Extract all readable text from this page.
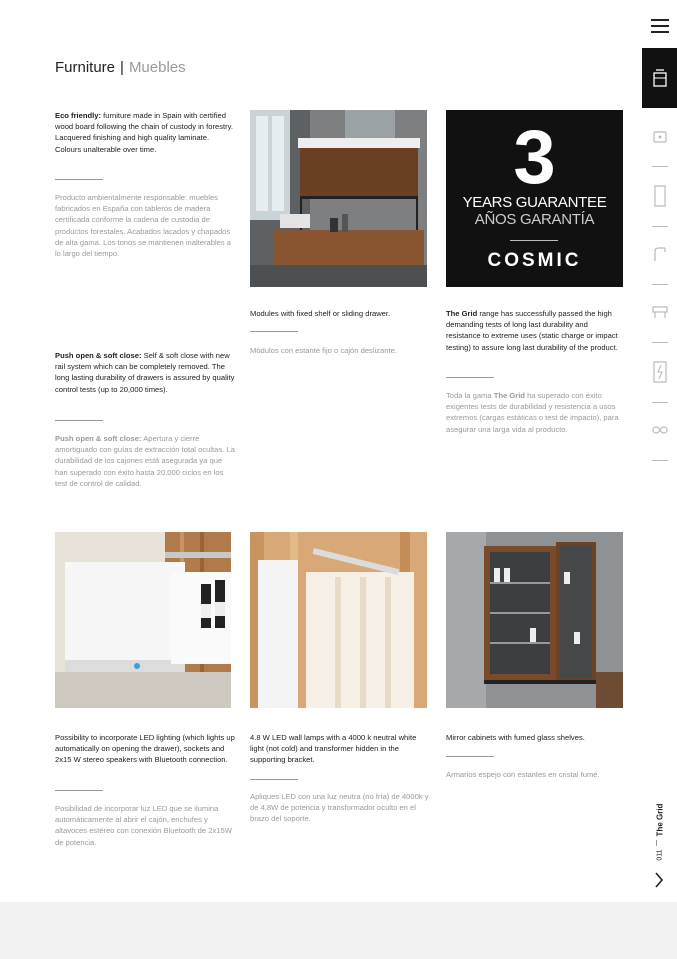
Furniture | Muebles
Eco friendly: furniture made in Spain with certified wood board following the chain of custody in forestry. Lacquered finishing and high quality laminate. Colours unalterable over time.
Producto ambientalmente responsable: muebles fabricados en España con tableros de madera certificada conforme la cadena de custodia de productos forestales. Acabados lacados y chapados de alta gama. Los tonos se mantienen inalterables a lo largo del tiempo.
Push open & soft close: Self & soft close with new rail system which can be completely removed. The long lasting durability of drawers is assured by quality control tests (up to 20,000 times).
Push open & soft close: Apertura y cierre amortiguado con guías de extracción total ocultas. La durabilidad de los cajones está asegurada ya que han superado con éxito hasta 20.000 ciclos en los test de control de calidad.
3
YEARS GUARANTEE
AÑOS GARANTÍA
COSMIC
Modules with fixed shelf or sliding drawer.
Módulos con estante fijo o cajón deslizante.
The Grid range has successfully passed the high demanding tests of long last durability and resistance to extreme uses (static charge or impact testing) to assure long last durability of the product.
Toda la gama The Grid ha superado con éxito exigentes tests de durabilidad y resistencia a usos extremos (cargas estáticas o test de impacto), para asegurar una larga vida al producto.
Possibility to incorporate LED lighting (which lights up automatically on opening the drawer), sockets and 2x15 W stereo speakers with Bluetooth connection.
Posibilidad de incorporar luz LED que se ilumina automáticamente al abrir el cajón, enchufes y altavoces estéreo con conexión Bluetooth de 2x15W de potencia.
4.8 W LED wall lamps with a 4000 k neutral white light (not cold) and transformer hidden in the supporting bracket.
Apliques LED con una luz neutra (no fría) de 4000k y de 4,8W de potencia y transformador oculto en el brazo del soporte.
Mirror cabinets with fumed glass shelves.
Armarios espejo con estantes en cristal fumé.
The Grid
011
